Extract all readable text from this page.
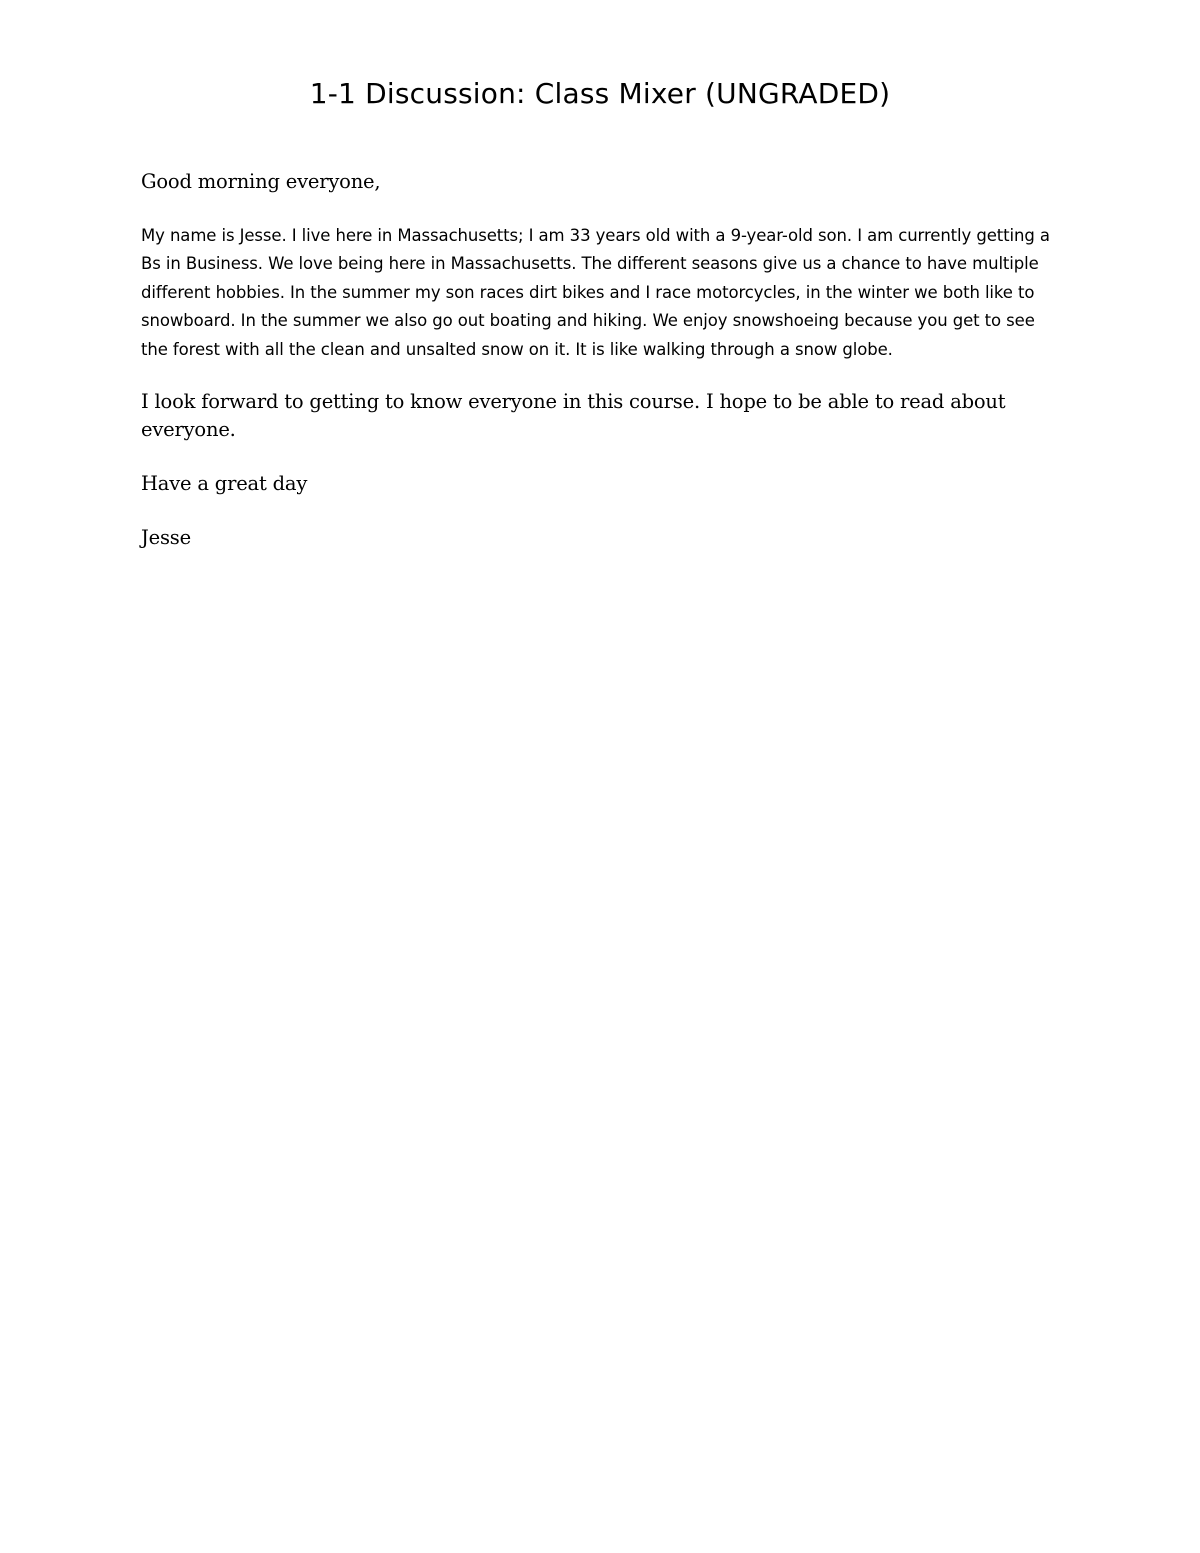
1-1 Discussion: Class Mixer (UNGRADED)

Good morning everyone,

My name is Jesse. I live here in Massachusetts; I am 33 years old with a 9-year-old son. I am currently getting a Bs in Business. We love being here in Massachusetts. The different seasons give us a chance to have multiple different hobbies. In the summer my son races dirt bikes and I race motorcycles, in the winter we both like to snowboard. In the summer we also go out boating and hiking. We enjoy snowshoeing because you get to see the forest with all the clean and unsalted snow on it. It is like walking through a snow globe.

I look forward to getting to know everyone in this course. I hope to be able to read about everyone.

Have a great day

Jesse
